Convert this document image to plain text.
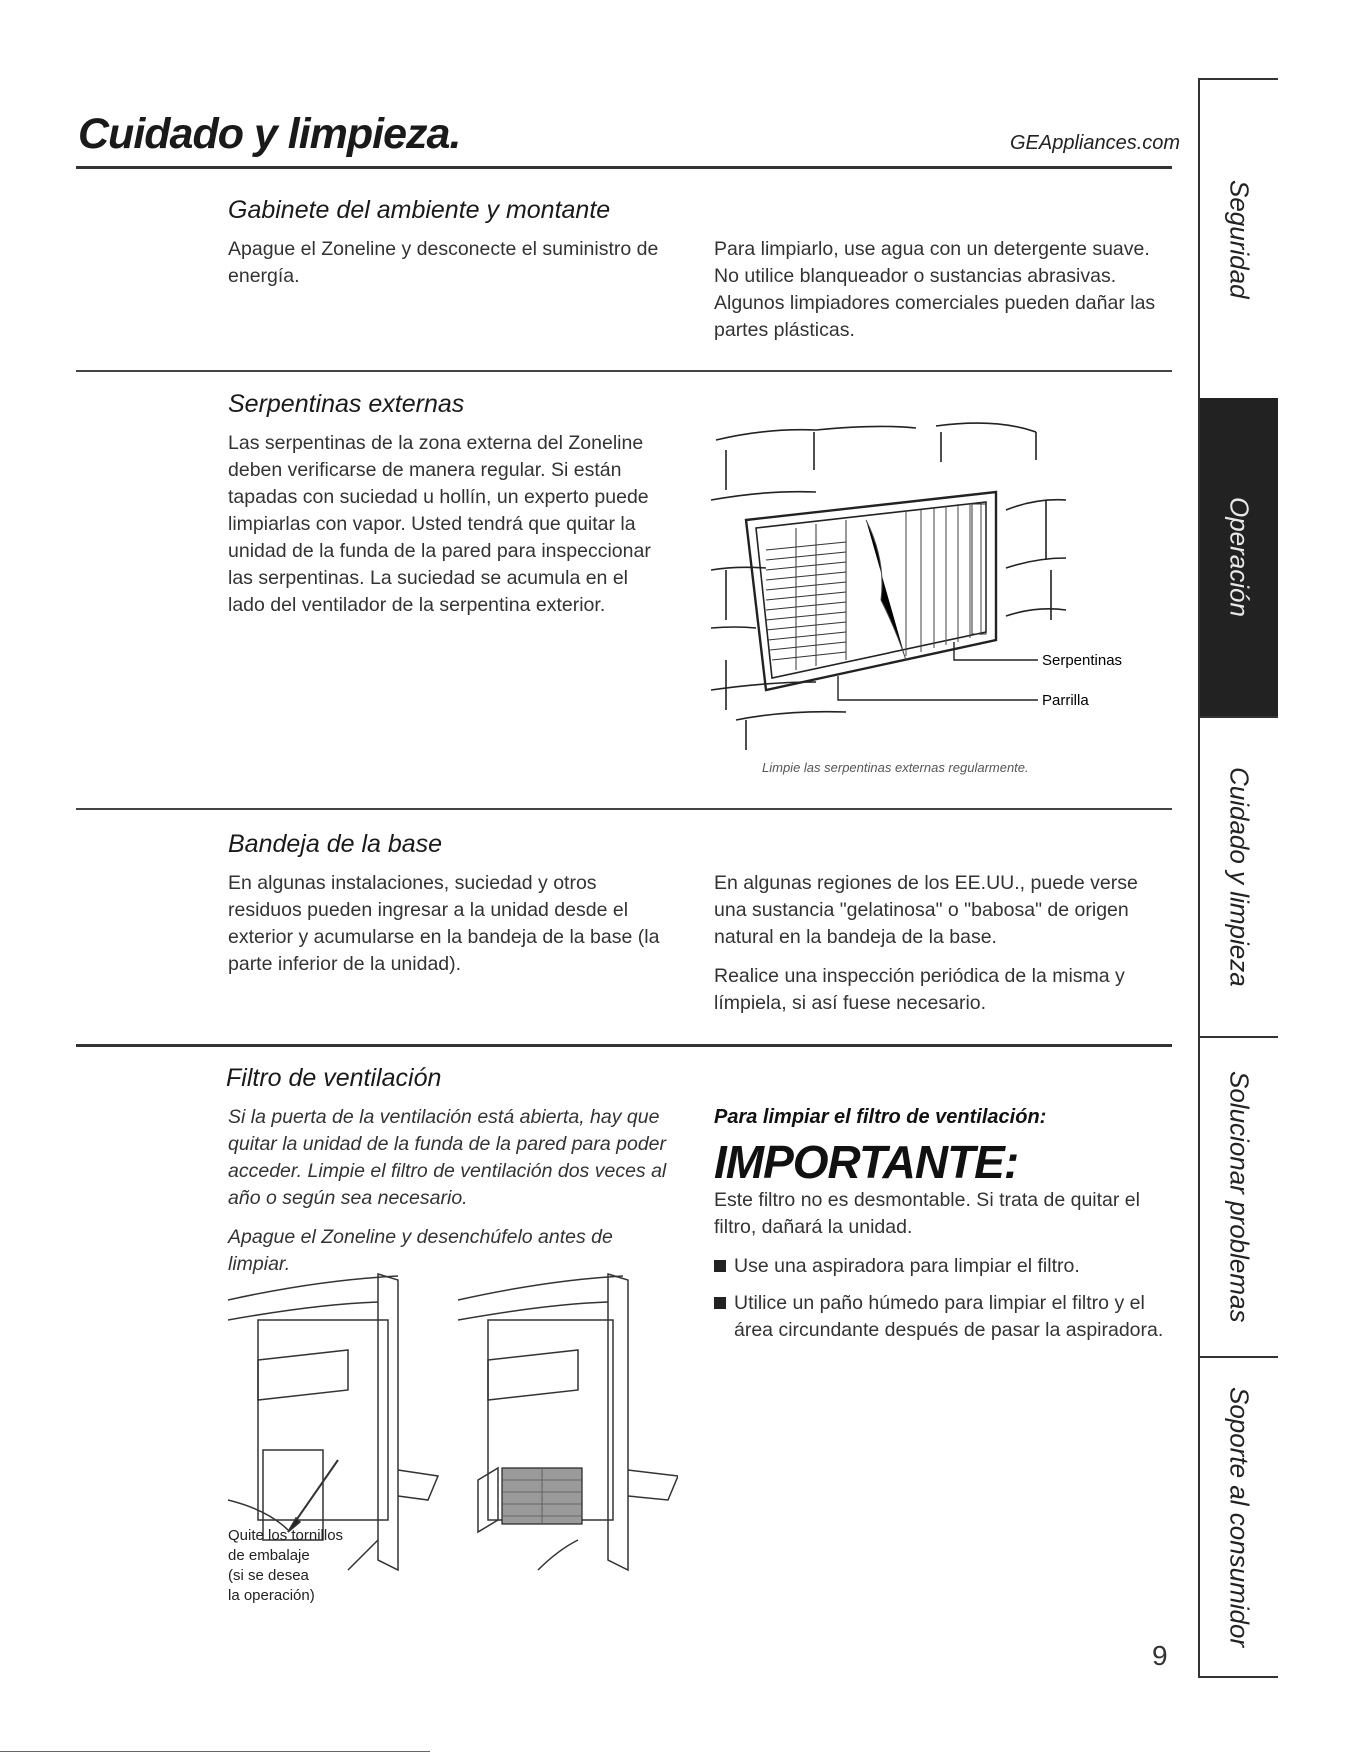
Cuidado y limpieza.	GEAppliances.com
Gabinete del ambiente y montante
Apague el Zoneline y desconecte el suministro de energía.
Para limpiarlo, use agua con un detergente suave. No utilice blanqueador o sustancias abrasivas. Algunos limpiadores comerciales pueden dañar las partes plásticas.
Serpentinas externas
Las serpentinas de la zona externa del Zoneline deben verificarse de manera regular. Si están tapadas con suciedad u hollín, un experto puede limpiarlas con vapor. Usted tendrá que quitar la unidad de la funda de la pared para inspeccionar las serpentinas. La suciedad se acumula en el lado del ventilador de la serpentina exterior.
Serpentinas
Parrilla
Limpie las serpentinas externas regularmente.
Bandeja de la base
En algunas instalaciones, suciedad y otros residuos pueden ingresar a la unidad desde el exterior y acumularse en la bandeja de la base (la parte inferior de la unidad).

En algunas regiones de los EE.UU., puede verse una sustancia "gelatinosa" o "babosa" de origen natural en la bandeja de la base.

Realice una inspección periódica de la misma y límpiela, si así fuese necesario.

Filtro de ventilación

Si la puerta de la ventilación está abierta, hay que quitar la unidad de la funda de la pared para poder acceder. Limpie el filtro de ventilación dos veces al año o según sea necesario.

Apague el Zoneline y desenchúfelo antes de limpiar.

Quite los tornillos
de embalaje
(si se desea
la operación)
Para limpiar el filtro de ventilación:
IMPORTANTE:
Este filtro no es desmontable. Si trata de quitar el filtro, dañará la unidad.
Use una aspiradora para limpiar el filtro.
Utilice un paño húmedo para limpiar el filtro y el área circundante después de pasar la aspiradora.
9
Seguridad
Operación
Cuidado y limpieza
Solucionar problemas
Soporte al consumidor
